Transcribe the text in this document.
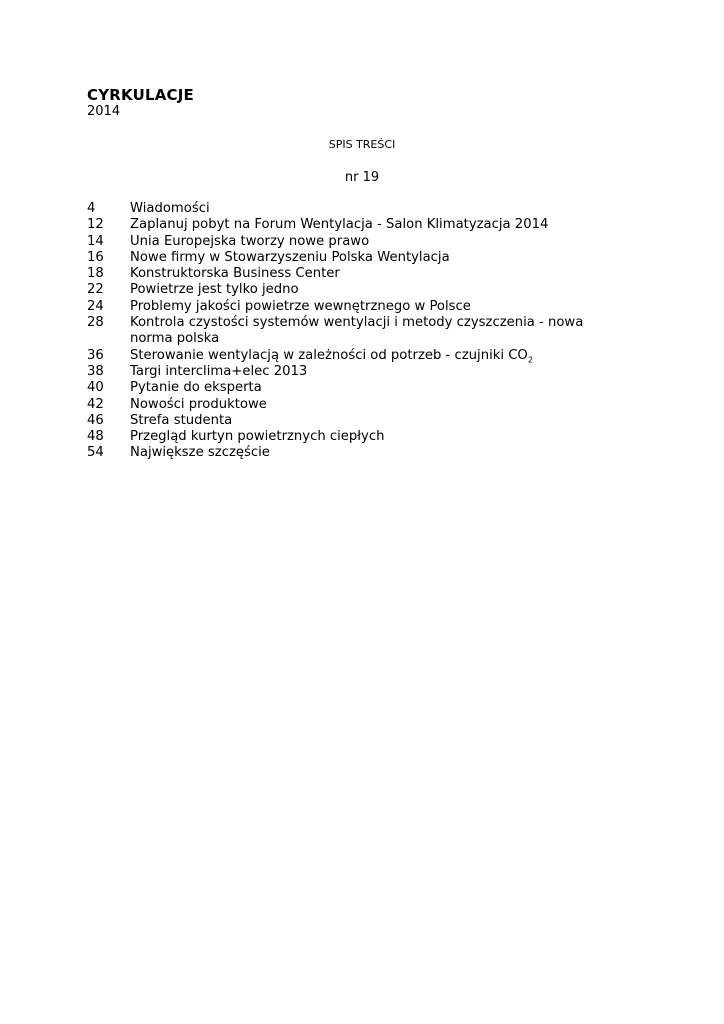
CYRKULACJE
2014
SPIS TREŚCI
nr 19
4	Wiadomości
12	Zaplanuj pobyt na Forum Wentylacja - Salon Klimatyzacja 2014
14	Unia Europejska tworzy nowe prawo
16	Nowe firmy w Stowarzyszeniu Polska Wentylacja
18	Konstruktorska Business Center
22	Powietrze jest tylko jedno
24	Problemy jakości powietrze wewnętrznego w Polsce
28	Kontrola czystości systemów wentylacji i metody czyszczenia - nowa norma polska
36	Sterowanie wentylacją w zależności od potrzeb - czujniki $CO_2$
38	Targi interclima+elec 2013
40	Pytanie do eksperta
42	Nowości produktowe
46	Strefa studenta
48	Przegląd kurtyn powietrznych ciepłych
54	Największe szczęście
